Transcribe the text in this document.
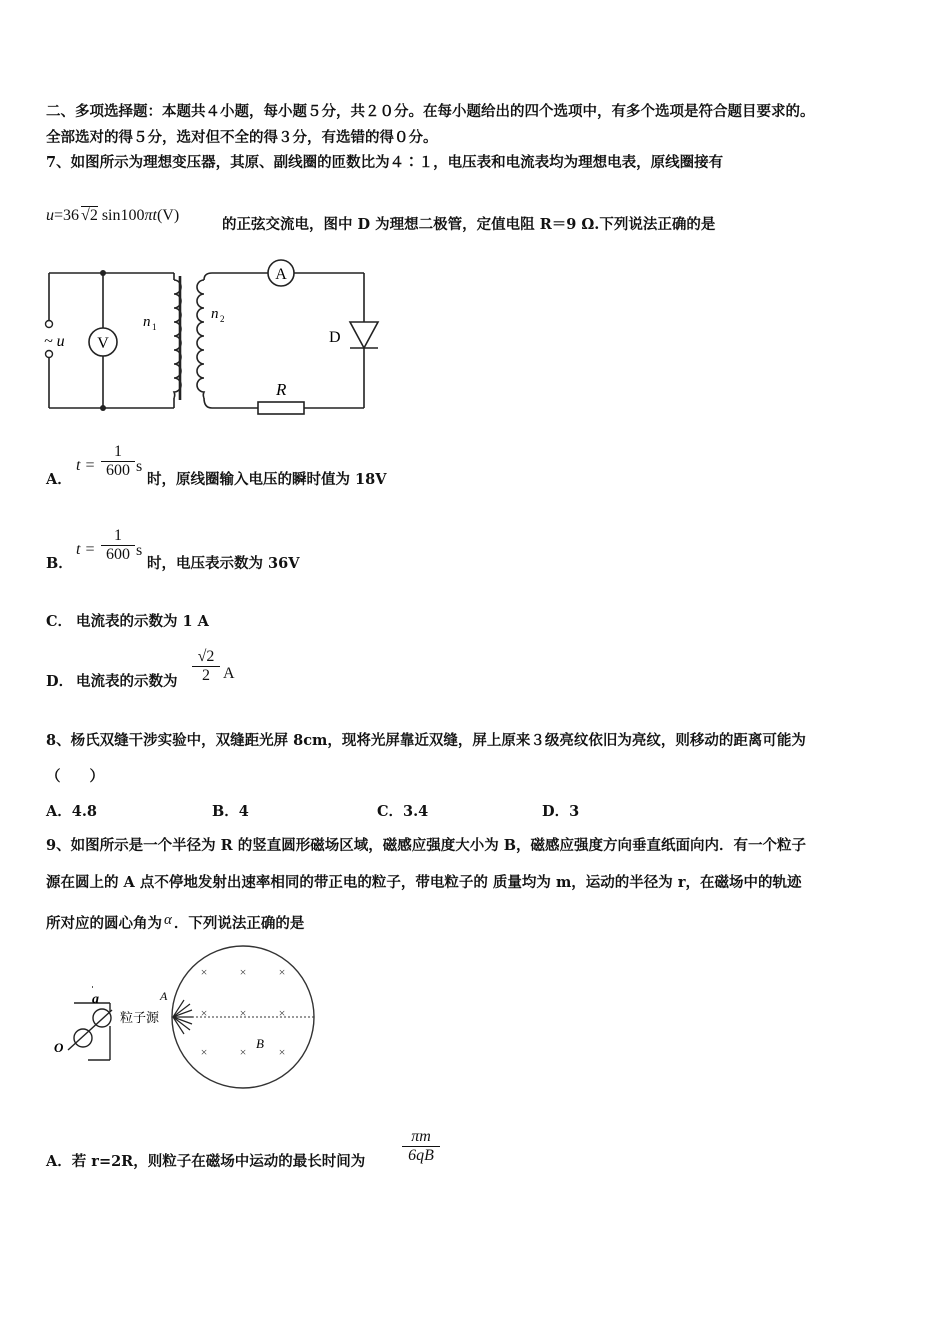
二、多项选择题：本题共４小题，每小题５分，共２０分。在每小题给出的四个选项中，有多个选项是符合题目要求的。
全部选对的得５分，选对但不全的得３分，有选错的得０分。
7、如图所示为理想变压器，其原、副线圈的匝数比为４∶１，电压表和电流表均为理想电表，原线圈接有
u=36 √2 sin100πt(V)
的正弦交流电，图中 D 为理想二极管，定值电阻 R＝9 Ω.下列说法正确的是
V
A
~ u
n 1
n 2
D
R
A．
t =
1
600 s
时，原线圈输入电压的瞬时值为 18V
B．
t =
1
600 s
时，电压表示数为 36V
C． 电流表的示数为 1 A
D． 电流表的示数为
√2
2 A
8、杨氏双缝干涉实验中，双缝距光屏 8cm，现将光屏靠近双缝，屏上原来３级亮纹依旧为亮纹，则移动的距离可能为
（　　）
A．4.8	B．4	C．3.4	D．3
9、如图所示是一个半径为 R 的竖直圆形磁场区域，磁感应强度大小为 B，磁感应强度方向垂直纸面向内．有一个粒子
源在圆上的 A 点不停地发射出速率相同的带正电的粒子，带电粒子的 质量均为 m，运动的半径为 r，在磁场中的轨迹
所对应的圆心角为 α ．下列说法正确的是
×	×	×
×	×	×
×	×	×
A
B
粒子源
a
O
A．若 r=2R，则粒子在磁场中运动的最长时间为
πm
6qB
